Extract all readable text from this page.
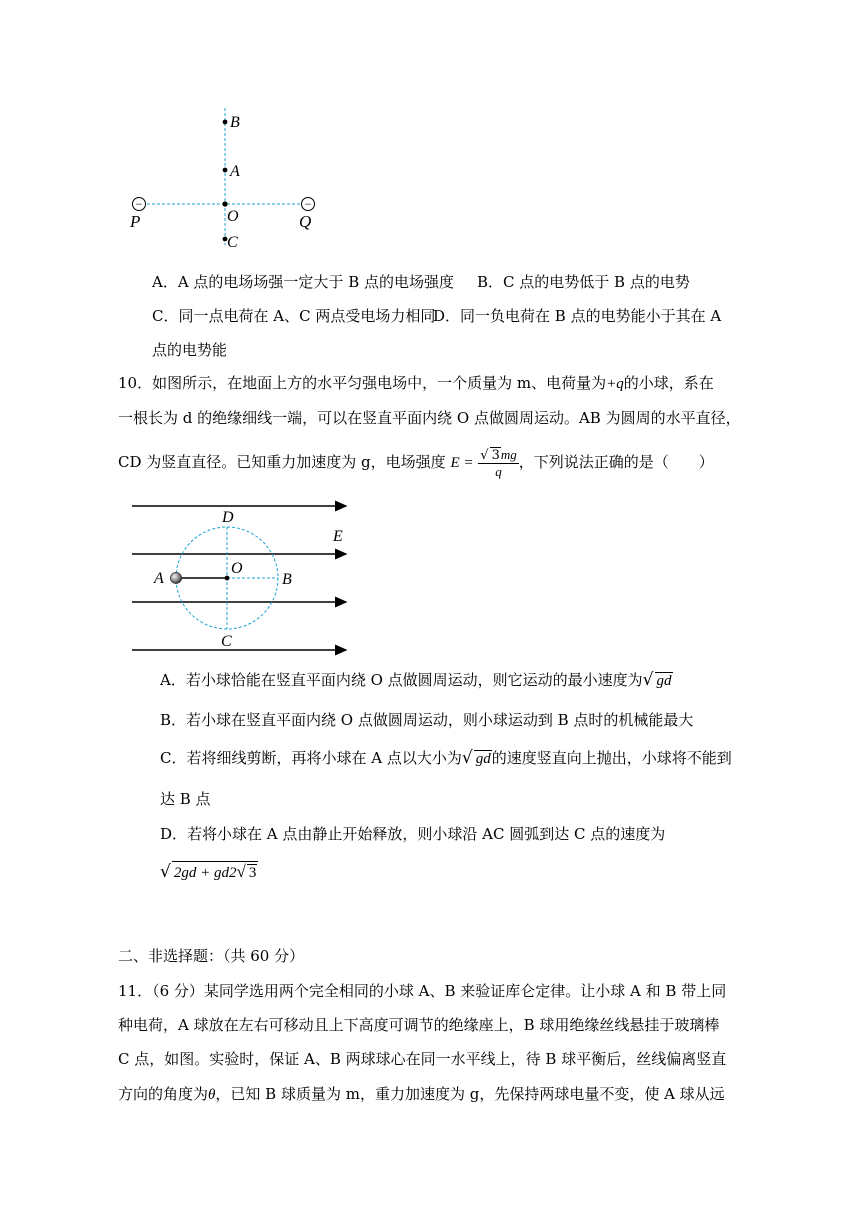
−	−
B
A
O
C
P	Q
A．A 点的电场场强一定大于 B 点的电场强度 B．C 点的电势低于 B 点的电势
C．同一点电荷在 A、C 两点受电场力相同
D．同一负电荷在 B 点的电势能小于其在 A
点的电势能
10．如图所示，在地面上方的水平匀强电场中，一个质量为 m、电荷量为+q的小球，系在
一根长为 d 的绝缘细线一端，可以在竖直平面内绕 O 点做圆周运动。AB 为圆周的水平直径，
CD 为竖直直径。已知重力加速度为 g，电场强度 $E = \frac{√ 3mg}{q}$ ，下列说法正确的是（　　）
D
E
A
O
B
C
A．若小球恰能在竖直平面内绕 O 点做圆周运动，则它运动的最小速度为√ gd
B．若小球在竖直平面内绕 O 点做圆周运动，则小球运动到 B 点时的机械能最大
C．若将细线剪断，再将小球在 A 点以大小为√ gd的速度竖直向上抛出，小球将不能到
达 B 点
D．若将小球在 A 点由静止开始释放，则小球沿 AC 圆弧到达 C 点的速度为
√ 2gd + gd2√ 3
二、非选择题：（共 60 分）
11．（6 分）某同学选用两个完全相同的小球 A、B 来验证库仑定律。让小球 A 和 B 带上同
种电荷，A 球放在左右可移动且上下高度可调节的绝缘座上，B 球用绝缘丝线悬挂于玻璃棒
C 点，如图。实验时，保证 A、B 两球球心在同一水平线上，待 B 球平衡后，丝线偏离竖直
方向的角度为θ，已知 B 球质量为 m，重力加速度为 g，先保持两球电量不变，使 A 球从远
